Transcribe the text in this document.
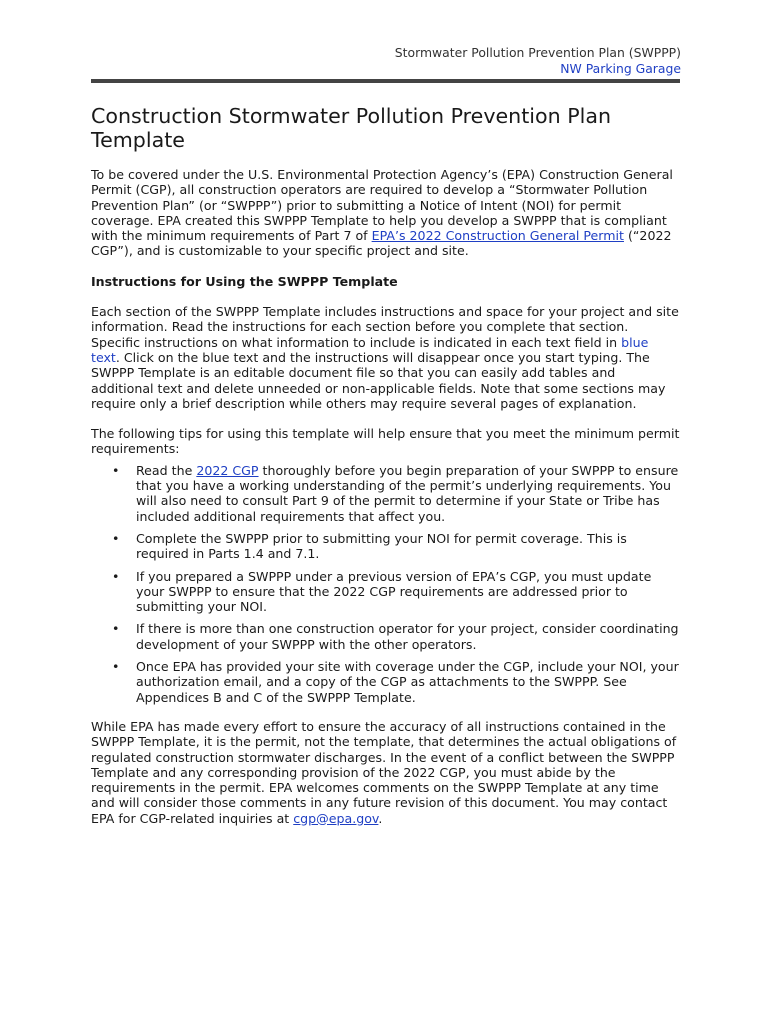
Stormwater Pollution Prevention Plan (SWPPP)
NW Parking Garage
Construction Stormwater Pollution Prevention Plan Template

To be covered under the U.S. Environmental Protection Agency’s (EPA) Construction General Permit (CGP), all construction operators are required to develop a “Stormwater Pollution Prevention Plan” (or “SWPPP”) prior to submitting a Notice of Intent (NOI) for permit coverage. EPA created this SWPPP Template to help you develop a SWPPP that is compliant with the minimum requirements of Part 7 of EPA’s 2022 Construction General Permit (“2022 CGP”), and is customizable to your specific project and site.

Instructions for Using the SWPPP Template

Each section of the SWPPP Template includes instructions and space for your project and site information. Read the instructions for each section before you complete that section. Specific instructions on what information to include is indicated in each text field in blue text. Click on the blue text and the instructions will disappear once you start typing. The SWPPP Template is an editable document file so that you can easily add tables and additional text and delete unneeded or non-applicable fields. Note that some sections may require only a brief description while others may require several pages of explanation.

The following tips for using this template will help ensure that you meet the minimum permit requirements:

• Read the 2022 CGP thoroughly before you begin preparation of your SWPPP to ensure that you have a working understanding of the permit’s underlying requirements. You will also need to consult Part 9 of the permit to determine if your State or Tribe has included additional requirements that affect you.
• Complete the SWPPP prior to submitting your NOI for permit coverage. This is required in Parts 1.4 and 7.1.
• If you prepared a SWPPP under a previous version of EPA’s CGP, you must update your SWPPP to ensure that the 2022 CGP requirements are addressed prior to submitting your NOI.
• If there is more than one construction operator for your project, consider coordinating development of your SWPPP with the other operators.
• Once EPA has provided your site with coverage under the CGP, include your NOI, your authorization email, and a copy of the CGP as attachments to the SWPPP. See Appendices B and C of the SWPPP Template.

While EPA has made every effort to ensure the accuracy of all instructions contained in the SWPPP Template, it is the permit, not the template, that determines the actual obligations of regulated construction stormwater discharges. In the event of a conflict between the SWPPP Template and any corresponding provision of the 2022 CGP, you must abide by the requirements in the permit. EPA welcomes comments on the SWPPP Template at any time and will consider those comments in any future revision of this document. You may contact EPA for CGP-related inquiries at cgp@epa.gov.
